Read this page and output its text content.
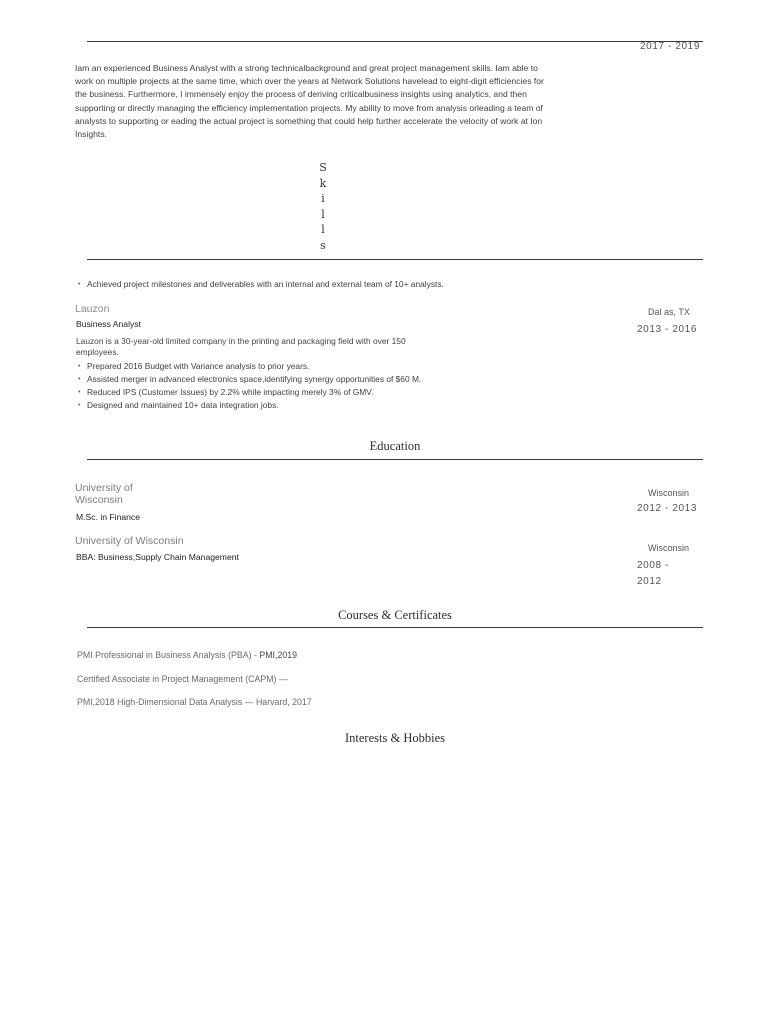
2017 - 2019

Iam an experienced Business Analyst with a strong technicalbackground and great project management skills. Iam able to work on multiple projects at the same time, which over the years at Network Solutions havelead to eight-digit efficiencies for the business. Furthermore, I immensely enjoy the process of deriving criticalbusiness insights using analytics, and then supporting or directly managing the efficiency implementation projects. My ability to move from analysis orleading a team of analysts to supporting or eading the actual project is something that could help further accelerate the velocity of work at Ion Insights.

S
k
i
l
l
s
• Achieved project milestones and deliverables with an internal and external team of 10+ analysts.
Lauzon
Business Analyst
Lauzon is a 30-year-old limited company in the printing and packaging field with over 150 employees.
• Prepared 2016 Budget with Variance analysis to prior years.
• Assisted merger in advanced electronics space,identifying synergy opportunities of $60 M.
• Reduced IPS (Customer Issues) by 2.2% while impacting merely 3% of GMV.
• Designed and maintained 10+ data integration jobs.
Dal as, TX
2013 - 2016
Education
University of
Wisconsin
M.Sc. in Finance
Wisconsin
2012 - 2013
University of Wisconsin
BBA: Business,Supply Chain Management
Wisconsin
2008 -
2012
Courses & Certificates
PMI Professional in Business Analysis (PBA) - PMI,2019
Certified Associate in Project Management (CAPM) —
PMI,2018 High-Dimensional Data Analysis — Harvard, 2017
Interests & Hobbies
